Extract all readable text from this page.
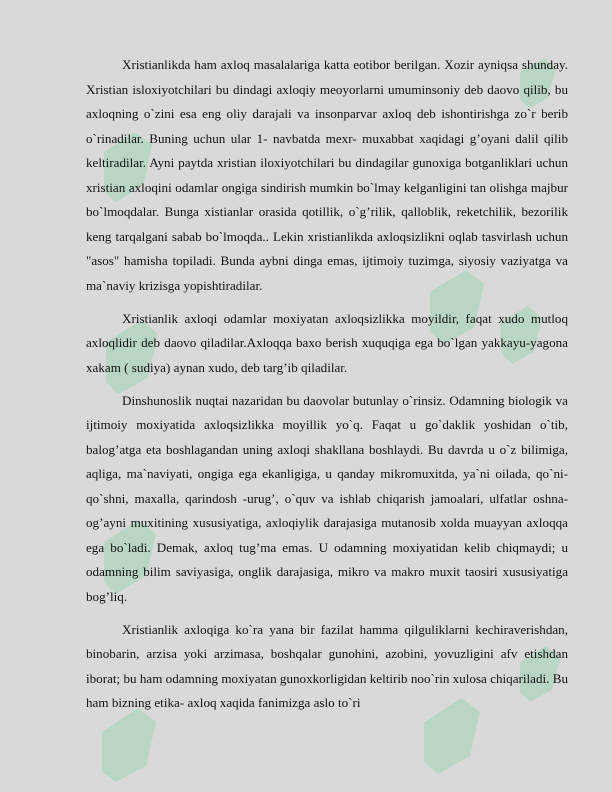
Xristianlikda ham axloq masalalariga katta eotibor berilgan. Xozir ayniqsa shunday. Xristian isloxiyotchilari bu dindagi axloqiy meoyorlarni umuminsoniy deb daovo qilib, bu axloqning o`zini esa eng oliy darajali va insonparvar axloq deb ishontirishga zo`r berib o`rinadilar. Buning uchun ular 1- navbatda mexr- muxabbat xaqidagi g’oyani dalil qilib keltiradilar. Ayni paytda xristian iloxiyotchilari bu dindagilar gunoxiga botganliklari uchun xristian axloqini odamlar ongiga sindirish mumkin bo`lmay kelganligini tan olishga majbur bo`lmoqdalar. Bunga xistianlar orasida qotillik, o`g’rilik, qalloblik, reketchilik, bezorilik keng tarqalgani sabab bo`lmoqda.. Lekin xristianlikda axloqsizlikni oqlab tasvirlash uchun "asos" hamisha topiladi. Bunda aybni dinga emas, ijtimoiy tuzimga, siyosiy vaziyatga va ma`naviy krizisga yopishtiradilar.

Xristianlik axloqi odamlar moxiyatan axloqsizlikka moyildir, faqat xudo mutloq axloqlidir deb daovo qiladilar.Axloqqa baxo berish xuquqiga ega bo`lgan yakkayu-yagona xakam ( sudiya) aynan xudo, deb targ’ib qiladilar.

Dinshunoslik nuqtai nazaridan bu daovolar butunlay o`rinsiz. Odamning biologik va ijtimoiy moxiyatida axloqsizlikka moyillik yo`q. Faqat u go`daklik yoshidan o`tib, balog’atga eta boshlagandan uning axloqi shakllana boshlaydi. Bu davrda u o`z bilimiga, aqliga, ma`naviyati, ongiga ega ekanligiga, u qanday mikromuxitda, ya`ni oilada, qo`ni-qo`shni, maxalla, qarindosh -urug’, o`quv va ishlab chiqarish jamoalari, ulfatlar oshna- og’ayni muxitining xususiyatiga, axloqiylik darajasiga mutanosib xolda muayyan axloqqa ega bo`ladi. Demak, axloq tug’ma emas. U odamning moxiyatidan kelib chiqmaydi; u odamning bilim saviyasiga, onglik darajasiga, mikro va makro muxit taosiri xususiyatiga bog’liq.

Xristianlik axloqiga ko`ra yana bir fazilat hamma qilguliklarni kechiraverishdan, binobarin, arzisa yoki arzimasa, boshqalar gunohini, azobini, yovuzligini afv etishdan iborat; bu ham odamning moxiyatan gunoxkorligidan keltirib noo`rin xulosa chiqariladi. Bu ham bizning etika- axloq xaqida fanimizga aslo to`ri
